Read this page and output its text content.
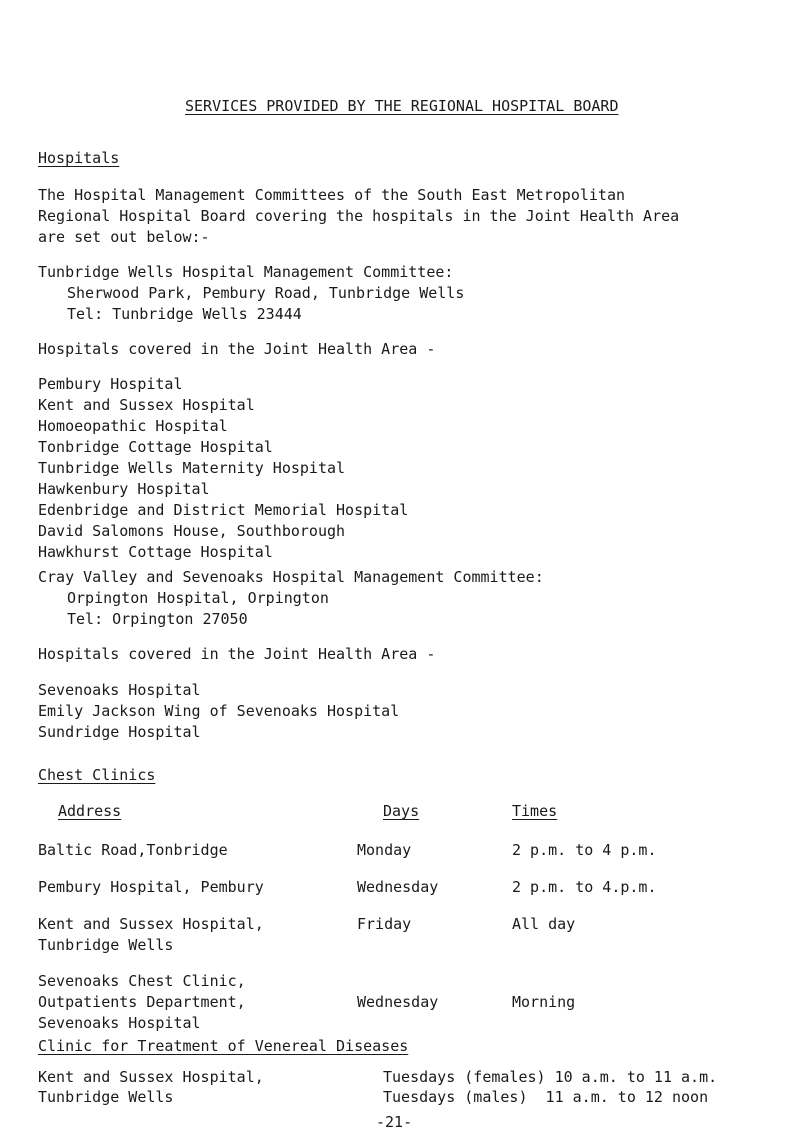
SERVICES PROVIDED BY THE REGIONAL HOSPITAL BOARD
Hospitals
The Hospital Management Committees of the South East Metropolitan
Regional Hospital Board covering the hospitals in the Joint Health Area
are set out below:-
Tunbridge Wells Hospital Management Committee:
Sherwood Park, Pembury Road, Tunbridge Wells
Tel: Tunbridge Wells 23444
Hospitals covered in the Joint Health Area -
Pembury Hospital
Kent and Sussex Hospital
Homoeopathic Hospital
Tonbridge Cottage Hospital
Tunbridge Wells Maternity Hospital
Hawkenbury Hospital
Edenbridge and District Memorial Hospital
David Salomons House, Southborough
Hawkhurst Cottage Hospital
Cray Valley and Sevenoaks Hospital Management Committee:
Orpington Hospital, Orpington
Tel: Orpington 27050
Hospitals covered in the Joint Health Area -
Sevenoaks Hospital
Emily Jackson Wing of Sevenoaks Hospital
Sundridge Hospital
Chest Clinics
Address	Days	Times
Baltic Road,Tonbridge	Monday	2 p.m. to 4 p.m.
Pembury Hospital, Pembury	Wednesday	2 p.m. to 4.p.m.
Kent and Sussex Hospital,
Tunbridge Wells
Friday	All day
Sevenoaks Chest Clinic,
Outpatients Department,
Sevenoaks Hospital
Wednesday	Morning
Clinic for Treatment of Venereal Diseases
Kent and Sussex Hospital,
Tunbridge Wells
Tuesdays (females) 10 a.m. to 11 a.m.
Tuesdays (males)  11 a.m. to 12 noon
-21-
